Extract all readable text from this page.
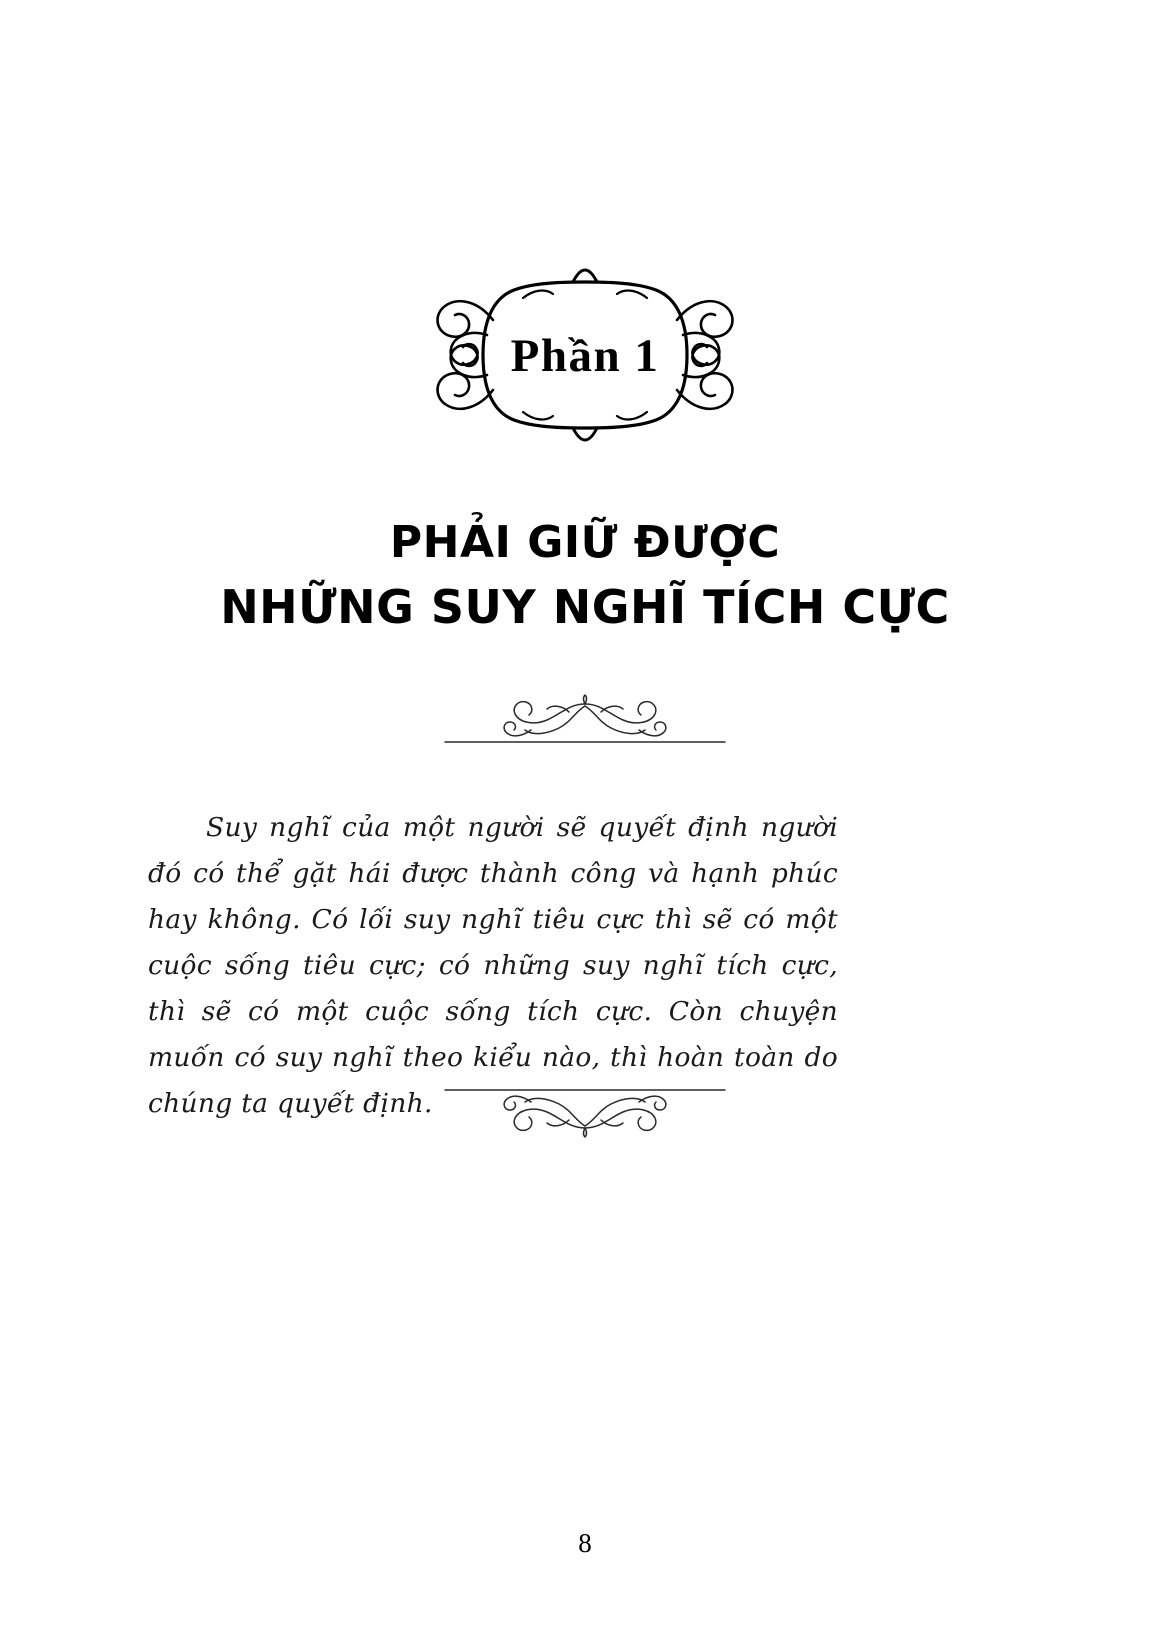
Phần 1
PHẢI GIỮ ĐƯỢC
NHỮNG SUY NGHĨ TÍCH CỰC

Suy nghĩ của một người sẽ quyết định người đó có thể gặt hái được thành công và hạnh phúc hay không. Có lối suy nghĩ tiêu cực thì sẽ có một cuộc sống tiêu cực; có những suy nghĩ tích cực, thì sẽ có một cuộc sống tích cực. Còn chuyện muốn có suy nghĩ theo kiểu nào, thì hoàn toàn do chúng ta quyết định.

8
